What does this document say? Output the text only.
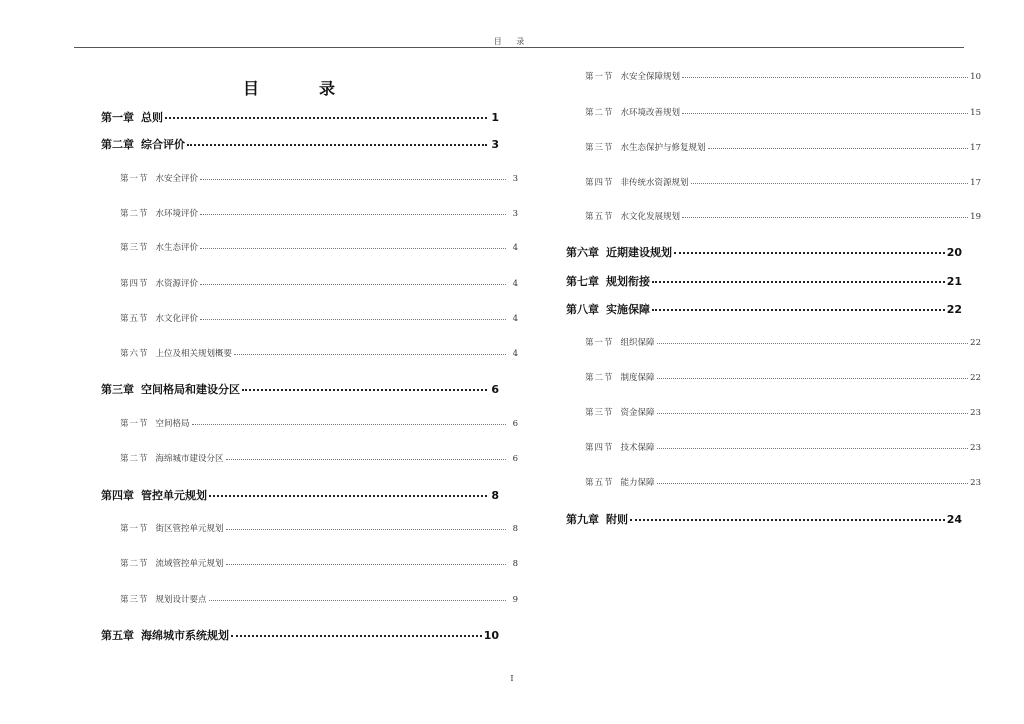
目 录
目　录
第一章 总则	1
第二章 综合评价	3
第一节 水安全评价	3
第二节 水环境评价	3
第三节 水生态评价	4
第四节 水资源评价	4
第五节 水文化评价	4
第六节 上位及相关规划概要	4
第三章 空间格局和建设分区	6
第一节 空间格局	6
第二节 海绵城市建设分区	6
第四章 管控单元规划	8
第一节 街区管控单元规划	8
第二节 流域管控单元规划	8
第三节 规划设计要点	9
第五章 海绵城市系统规划	10
第一节 水安全保障规划	10
第二节 水环境改善规划	15
第三节 水生态保护与修复规划	17
第四节 非传统水资源规划	17
第五节 水文化发展规划	19
第六章 近期建设规划	20
第七章 规划衔接	21
第八章 实施保障	22
第一节 组织保障	22
第二节 制度保障	22
第三节 资金保障	23
第四节 技术保障	23
第五节 能力保障	23
第九章 附则	24
I
